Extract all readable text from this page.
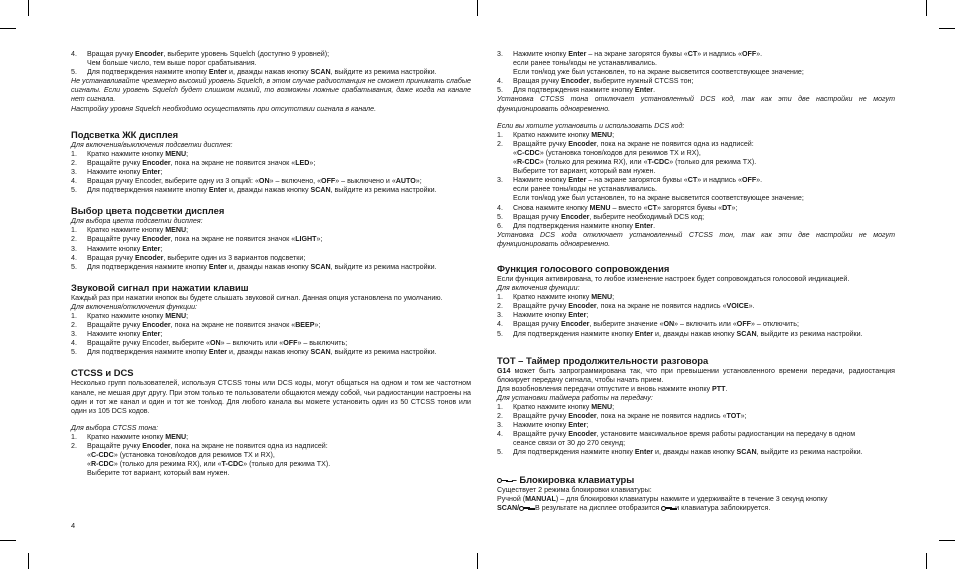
4.	Вращая ручку Encoder, выберите уровень Squelch (доступно 9 уровней);
Чем больше число, тем выше порог срабатывания.
5.	Для подтверждения нажмите кнопку Enter и, дважды нажав кнопку SCAN, выйдите из режима настройки.
Не устанавливайте чрезмерно высокий уровень Squelch, в этом случае радиостанция не сможет принимать слабые сигналы. Если уровень Squelch будет слишком низкий, то возможны ложные срабатывания, даже когда на канале нет сигнала.
Настройку уровня Squelch необходимо осуществлять при отсутствии сигнала в канале.
Подсветка ЖК дисплея
Для включения/выключения подсветки дисплея:
1.	Кратко нажмите кнопку MENU;
2.	Вращайте ручку Encoder, пока на экране не появится значок «LED»;
3.	Нажмите кнопку Enter;
4.	Вращая ручку Encoder, выберите одну из 3 опций: «ON» – включено, «OFF» – выключено и «AUTO»;
5.	Для подтверждения нажмите кнопку Enter и, дважды нажав кнопку SCAN, выйдите из режима настройки.
Выбор цвета подсветки дисплея
Для выбора цвета подсветки дисплея:
1.	Кратко нажмите кнопку MENU;
2.	Вращайте ручку Encoder, пока на экране не появится значок «LIGHT»;
3.	Нажмите кнопку Enter;
4.	Вращая ручку Encoder, выберите один из 3 вариантов подсветки;
5.	Для подтверждения нажмите кнопку Enter и, дважды нажав кнопку SCAN, выйдите из режима настройки.
Звуковой сигнал при нажатии клавиш
Каждый раз при нажатии кнопок вы будете слышать звуковой сигнал. Данная опция установлена по умолчанию.
Для включения/отключения функции:
1.	Кратко нажмите кнопку MENU;
2.	Вращайте ручку Encoder, пока на экране не появится значок «BEEP»;
3.	Нажмите кнопку Enter;
4.	Вращайте ручку Encoder, выберите «ON» – включить или «OFF» – выключить;
5.	Для подтверждения нажмите кнопку Enter и, дважды нажав кнопку SCAN, выйдите из режима настройки.
CTCSS и DCS
Несколько групп пользователей, используя CTCSS тоны или DCS коды, могут общаться на одном и том же частотном канале, не мешая друг другу. При этом только те пользователи общаются между собой, чьи радиостанции настроены на один и тот же канал и один и тот же тон/код. Для любого канала вы можете установить один из 50 CTCSS тонов или один из 105 DCS кодов.
Для выбора CTCSS тона:
1.	Кратко нажмите кнопку MENU;
2.	Вращайте ручку Encoder, пока на экране не появится одна из надписей:
«C-CDC» (установка тонов/кодов для режимов TX и RX),
«R-CDC» (только для режима RX), или «T-CDC» (только для режима TX).
Выберите тот вариант, который вам нужен.
4
3.	Нажмите кнопку Enter – на экране загорятся буквы «CT» и надпись «OFF».
если ранее тоны/коды не устанавливались.
Если тон/код уже был установлен, то на экране высветится соответствующее значение;
4.	Вращая ручку Encoder, выберите нужный CTCSS тон;
5.	Для подтверждения нажмите кнопку Enter.
Установка CTCSS тона отключает установленный DCS код, так как эти две настройки не могут функционировать одновременно.
Если вы хотите установить и использовать DCS код:
1.	Кратко нажмите кнопку MENU;
2.	Вращайте ручку Encoder, пока на экране не появится одна из надписей:
«C-CDC» (установка тонов/кодов для режимов TX и RX),
«R-CDC» (только для режима RX), или «T-CDC» (только для режима TX).
Выберите тот вариант, который вам нужен.
3.	Нажмите кнопку Enter – на экране загорятся буквы «CT» и надпись «OFF».
если ранее тоны/коды не устанавливались.
Если тон/код уже был установлен, то на экране высветится соответствующее значение;
4.	Снова нажмите кнопку MENU – вместо «CT» загорятся буквы «DT»;
5.	Вращая ручку Encoder, выберите необходимый DCS код;
6.	Для подтверждения нажмите кнопку Enter.
Установка DCS кода отключает установленный CTCSS тон, так как эти две настройки не могут функционировать одновременно.
Функция голосового сопровождения
Если функция активирована, то любое изменение настроек будет сопровождаться голосовой индикацией.
Для включения функции:
1.	Кратко нажмите кнопку MENU;
2.	Вращайте ручку Encoder, пока на экране не появится надпись «VOICE».
3.	Нажмите кнопку Enter;
4.	Вращая ручку Encoder, выберите значение «ON» – включить или «OFF» – отключить;
5.	Для подтверждения нажмите кнопку Enter и, дважды нажав кнопку SCAN, выйдите из режима настройки.
TOT – Таймер продолжительности разговора
G14 может быть запрограммирована так, что при превышении установленного времени передачи, радиостанция блокирует передачу сигнала, чтобы начать прием.
Для возобновления передачи отпустите и вновь нажмите кнопку PTT.
Для установки таймера работы на передачу:
1.	Кратко нажмите кнопку MENU;
2.	Вращайте ручку Encoder, пока на экране не появится надпись «TOT»;
3.	Нажмите кнопку Enter;
4.	Вращайте ручку Encoder, установите максимальное время работы радиостанции на передачу в одном
сеансе связи от 30 до 270 секунд;
5.	Для подтверждения нажмите кнопку Enter и, дважды нажав кнопку SCAN, выйдите из режима настройки.
– Блокировка клавиатуры
Существует 2 режима блокировки клавиатуры:
Ручной (MANUAL) – для блокировки клавиатуры нажмите и удерживайте в течение 3 секунд кнопку
SCAN/ . В результате на дисплее отобразится  и клавиатура заблокируется.
